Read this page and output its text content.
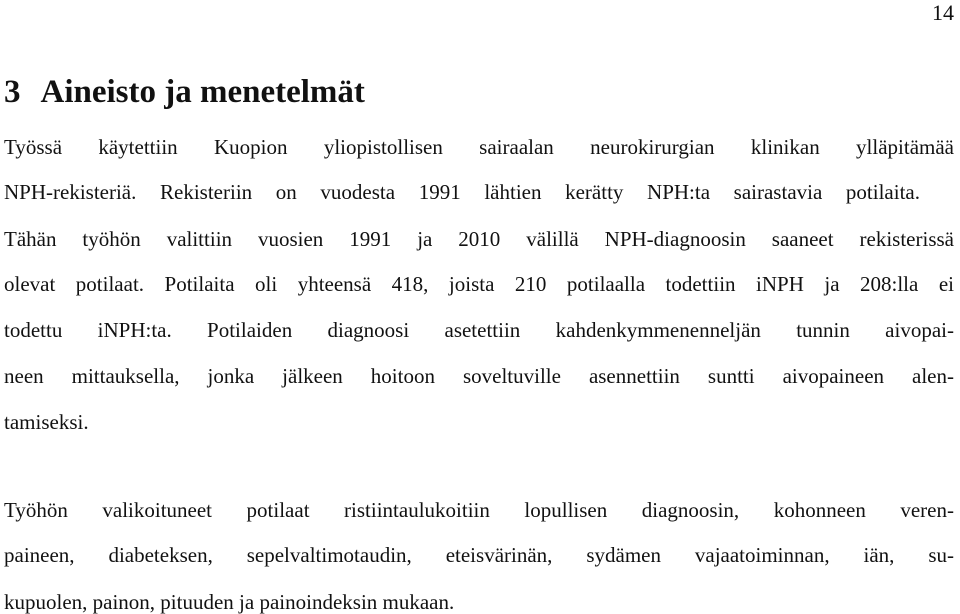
14
3 Aineisto ja menetelmät
Työssä käytettiin Kuopion yliopistollisen sairaalan neurokirurgian klinikan ylläpitämää
NPH-rekisteriä. Rekisteriin on vuodesta 1991 lähtien kerätty NPH:ta sairastavia potilaita.
Tähän työhön valittiin vuosien 1991 ja 2010 välillä NPH-diagnoosin saaneet rekisterissä
olevat potilaat. Potilaita oli yhteensä 418, joista 210 potilaalla todettiin iNPH ja 208:lla ei
todettu iNPH:ta. Potilaiden diagnoosi asetettiin kahdenkymmenenneljän tunnin aivopai-
neen mittauksella, jonka jälkeen hoitoon soveltuville asennettiin suntti aivopaineen alen-
tamiseksi.
Työhön valikoituneet potilaat ristiintaulukoitiin lopullisen diagnoosin, kohonneen veren-
paineen, diabeteksen, sepelvaltimotaudin, eteisvärinän, sydämen vajaatoiminnan, iän, su-
kupuolen, painon, pituuden ja painoindeksin mukaan.
